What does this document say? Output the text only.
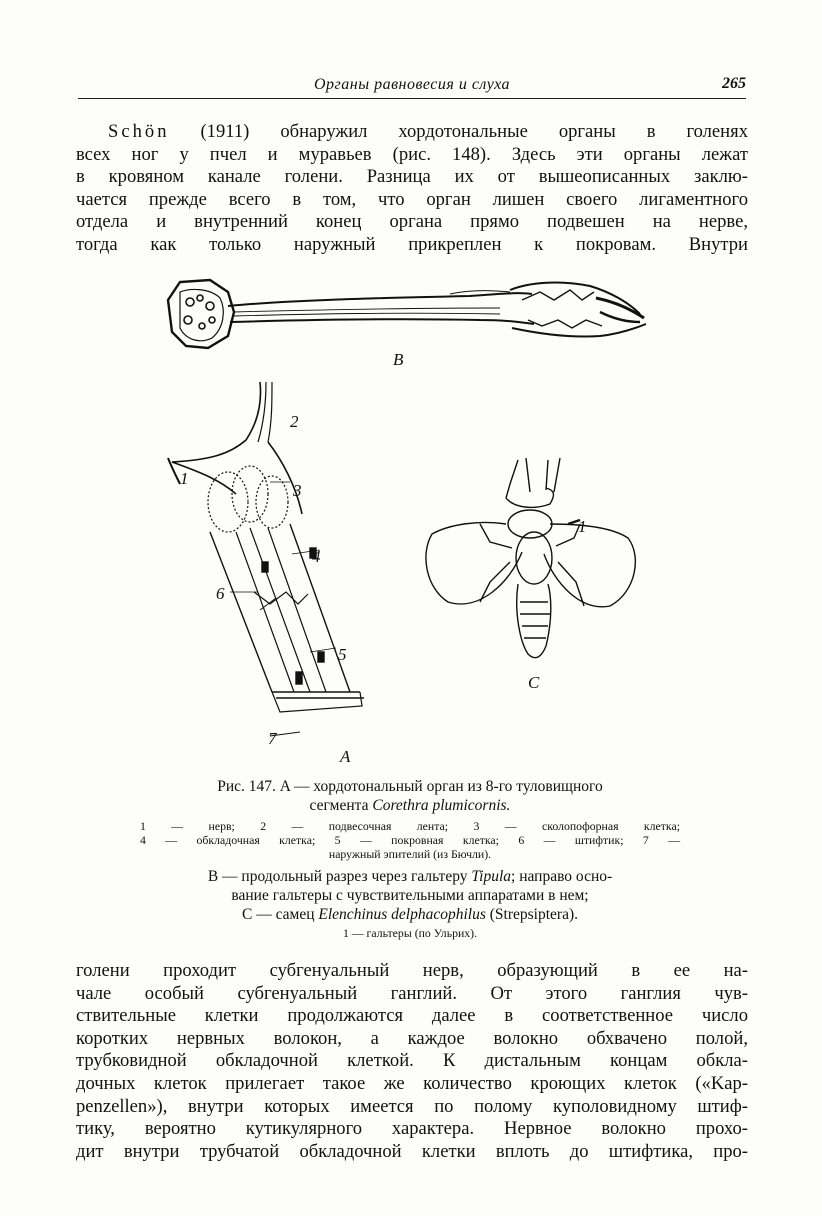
Органы равновесия и слуха	265
Schön (1911) обнаружил хордотональные органы в голенях
всех ног у пчел и муравьев (рис. 148). Здесь эти органы лежат
в кровяном канале голени. Разница их от вышеописанных заклю-
чается прежде всего в том, что орган лишен своего лигаментного
отдела и внутренний конец органа прямо подвешен на нерве,
тогда как только наружный прикреплен к покровам. Внутри
B
2
3
1
4
6
5
7
A
1
C
Рис. 147. A — хордотональный орган из 8-го туловищного
сегмента Corethra plumicornis.
1 — нерв; 2 — подвесочная лента; 3 — сколопофорная клетка;
4 — обкладочная клетка; 5 — покровная клетка; 6 — штифтик; 7 —
наружный эпителий (из Бючли).
B — продольный разрез через гальтеру Tipula; направо осно-
вание гальтеры с чувствительными аппаратами в нем;
C — самец Elenchinus delphacophilus (Strepsiptera).
1 — гальтеры (по Ульрих).
голени проходит субгенуальный нерв, образующий в ее на-
чале особый субгенуальный ганглий. От этого ганглия чув-
ствительные клетки продолжаются далее в соответственное число
коротких нервных волокон, а каждое волокно обхвачено полой,
трубковидной обкладочной клеткой. К дистальным концам обкла-
дочных клеток прилегает такое же количество кроющих клеток («Kap-
penzellen»), внутри которых имеется по полому куполовидному штиф-
тику, вероятно кутикулярного характера. Нервное волокно прохо-
дит внутри трубчатой обкладочной клетки вплоть до штифтика, про-
